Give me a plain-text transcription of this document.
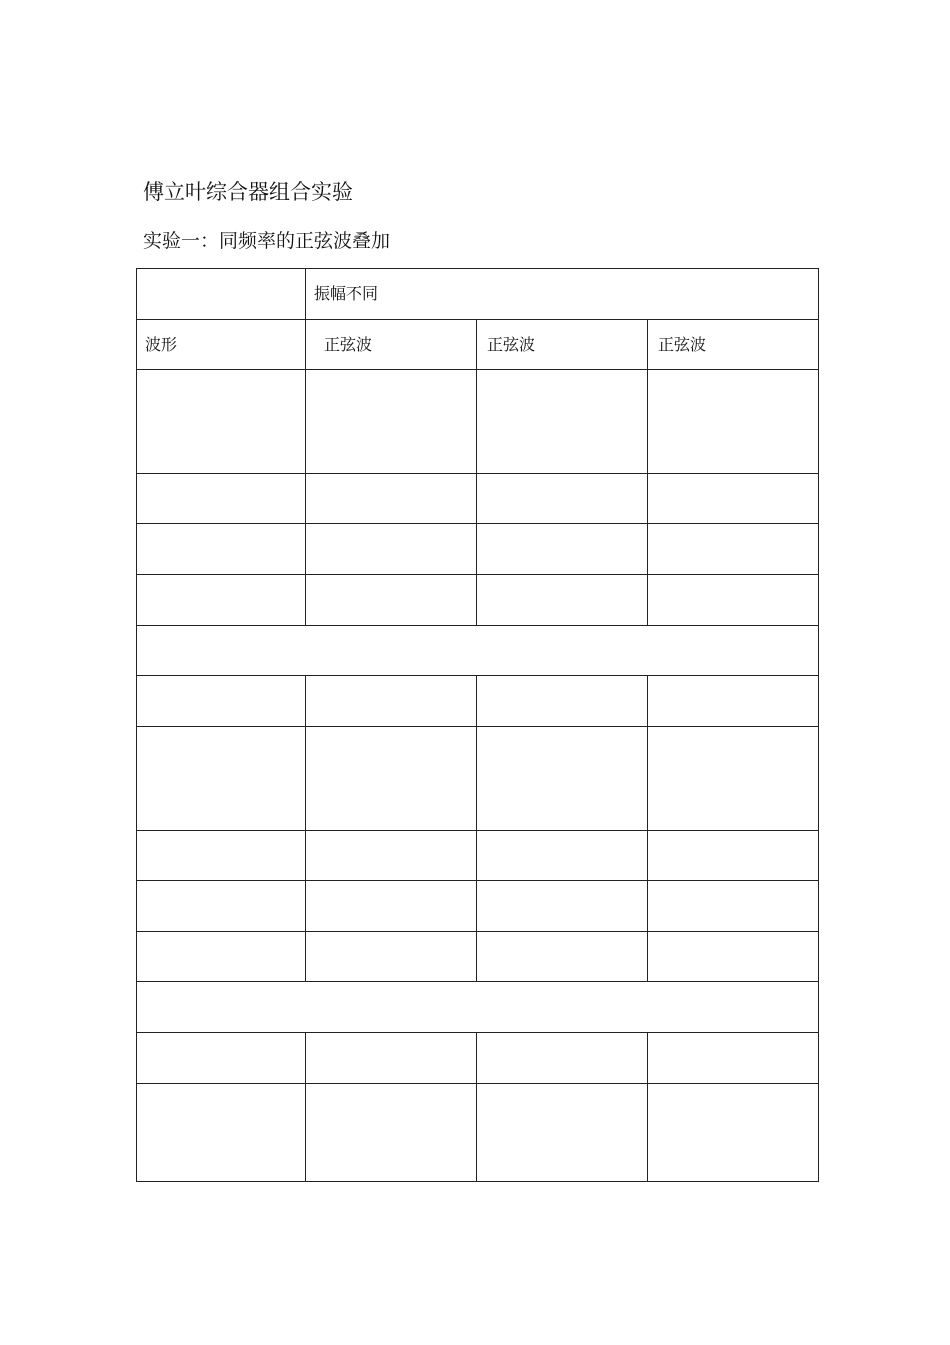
傅立叶综合器组合实验
实验一：同频率的正弦波叠加
	振幅不同		
波形	正弦波	正弦波	正弦波
